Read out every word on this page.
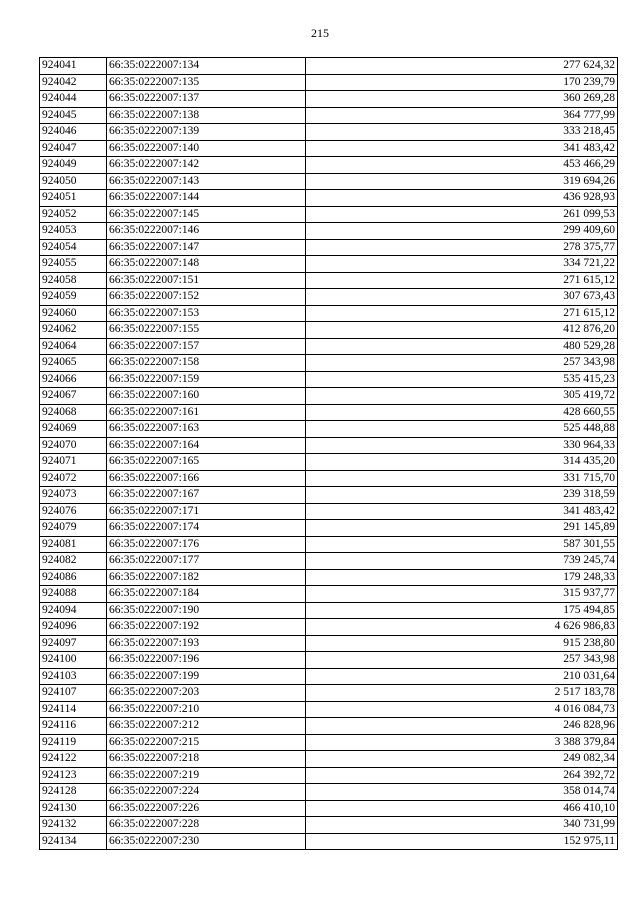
215
924041	66:35:0222007:134	277 624,32
924042	66:35:0222007:135	170 239,79
924044	66:35:0222007:137	360 269,28
924045	66:35:0222007:138	364 777,99
924046	66:35:0222007:139	333 218,45
924047	66:35:0222007:140	341 483,42
924049	66:35:0222007:142	453 466,29
924050	66:35:0222007:143	319 694,26
924051	66:35:0222007:144	436 928,93
924052	66:35:0222007:145	261 099,53
924053	66:35:0222007:146	299 409,60
924054	66:35:0222007:147	278 375,77
924055	66:35:0222007:148	334 721,22
924058	66:35:0222007:151	271 615,12
924059	66:35:0222007:152	307 673,43
924060	66:35:0222007:153	271 615,12
924062	66:35:0222007:155	412 876,20
924064	66:35:0222007:157	480 529,28
924065	66:35:0222007:158	257 343,98
924066	66:35:0222007:159	535 415,23
924067	66:35:0222007:160	305 419,72
924068	66:35:0222007:161	428 660,55
924069	66:35:0222007:163	525 448,88
924070	66:35:0222007:164	330 964,33
924071	66:35:0222007:165	314 435,20
924072	66:35:0222007:166	331 715,70
924073	66:35:0222007:167	239 318,59
924076	66:35:0222007:171	341 483,42
924079	66:35:0222007:174	291 145,89
924081	66:35:0222007:176	587 301,55
924082	66:35:0222007:177	739 245,74
924086	66:35:0222007:182	179 248,33
924088	66:35:0222007:184	315 937,77
924094	66:35:0222007:190	175 494,85
924096	66:35:0222007:192	4 626 986,83
924097	66:35:0222007:193	915 238,80
924100	66:35:0222007:196	257 343,98
924103	66:35:0222007:199	210 031,64
924107	66:35:0222007:203	2 517 183,78
924114	66:35:0222007:210	4 016 084,73
924116	66:35:0222007:212	246 828,96
924119	66:35:0222007:215	3 388 379,84
924122	66:35:0222007:218	249 082,34
924123	66:35:0222007:219	264 392,72
924128	66:35:0222007:224	358 014,74
924130	66:35:0222007:226	466 410,10
924132	66:35:0222007:228	340 731,99
924134	66:35:0222007:230	152 975,11
